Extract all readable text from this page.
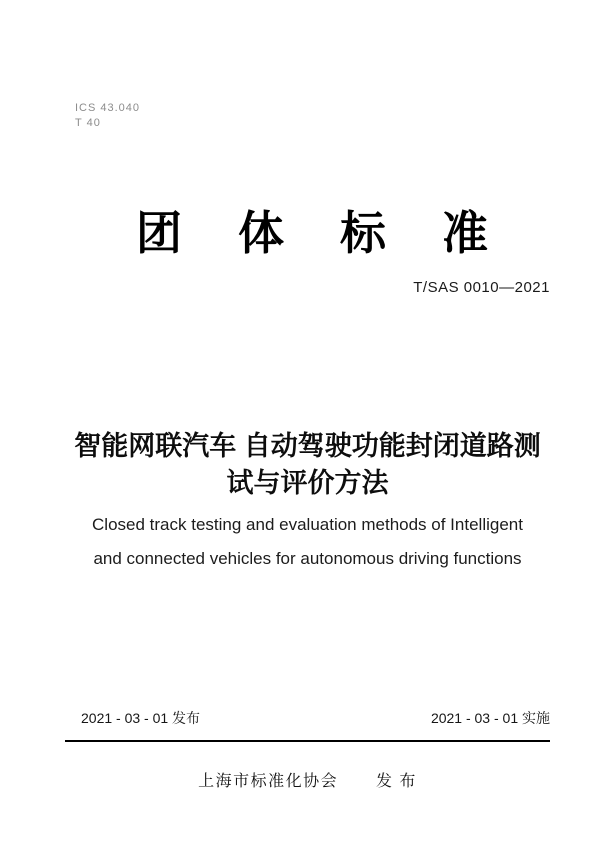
ICS 43.040
T 40
团 体 标 准
T/SAS 0010—2021
智能网联汽车 自动驾驶功能封闭道路测
试与评价方法
Closed track testing and evaluation methods of Intelligent
and connected vehicles for autonomous driving functions
2021 - 03 - 01 发布	2021 - 03 - 01 实施
上海市标准化协会 发 布
